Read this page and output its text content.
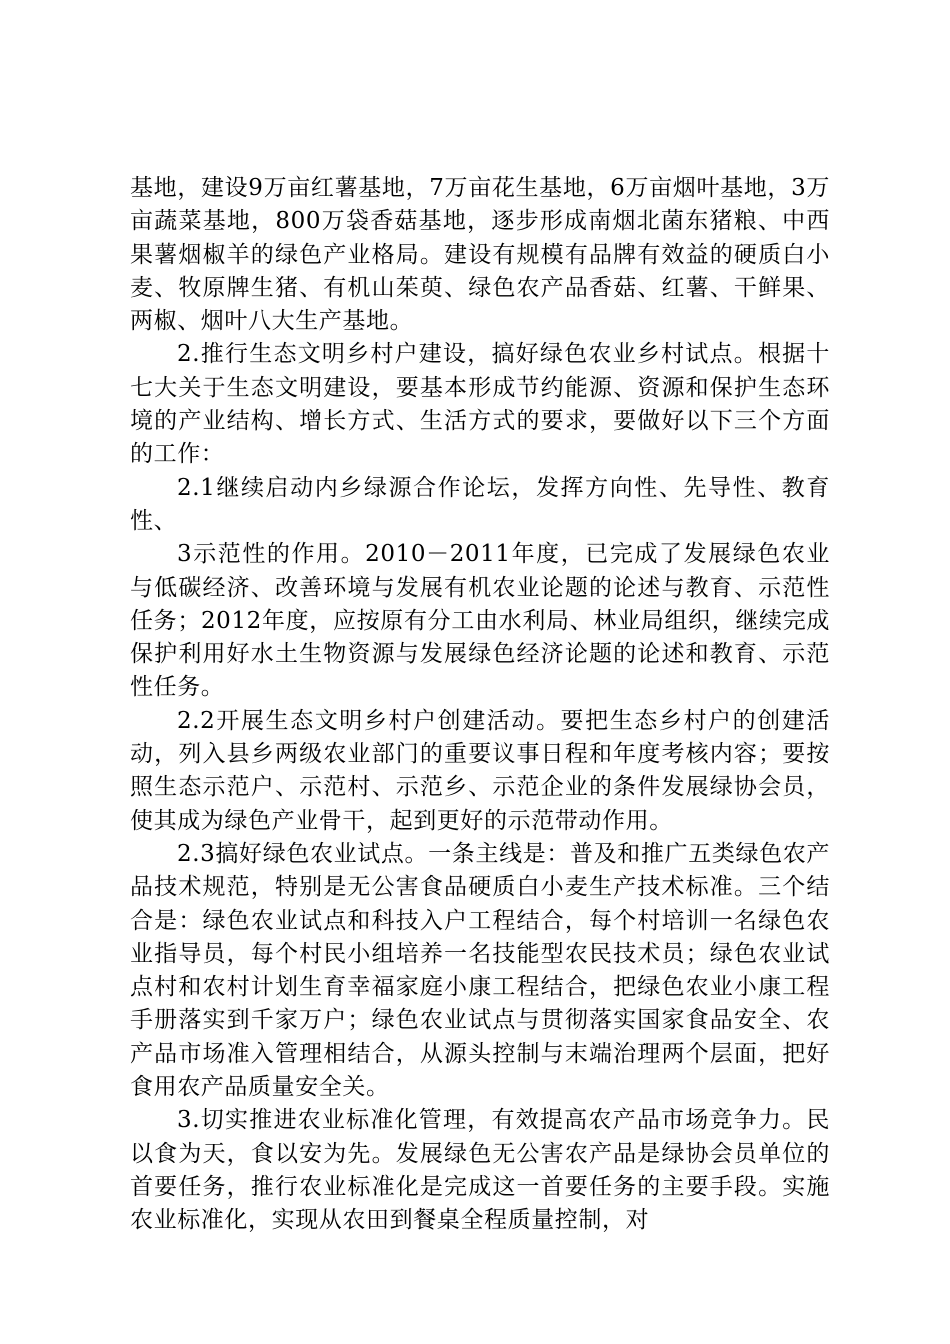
基地，建设9万亩红薯基地，7万亩花生基地，6万亩烟叶基地，3万亩蔬菜基地，800万袋香菇基地，逐步形成南烟北菌东猪粮、中西果薯烟椒羊的绿色产业格局。建设有规模有品牌有效益的硬质白小麦、牧原牌生猪、有机山茱萸、绿色农产品香菇、红薯、干鲜果、两椒、烟叶八大生产基地。

2.推行生态文明乡村户建设，搞好绿色农业乡村试点。根据十七大关于生态文明建设，要基本形成节约能源、资源和保护生态环境的产业结构、增长方式、生活方式的要求，要做好以下三个方面的工作：

2.1继续启动内乡绿源合作论坛，发挥方向性、先导性、教育性、

3示范性的作用。2010－2011年度，已完成了发展绿色农业与低碳经济、改善环境与发展有机农业论题的论述与教育、示范性任务；2012年度，应按原有分工由水利局、林业局组织，继续完成保护利用好水土生物资源与发展绿色经济论题的论述和教育、示范性任务。

2.2开展生态文明乡村户创建活动。要把生态乡村户的创建活动，列入县乡两级农业部门的重要议事日程和年度考核内容；要按照生态示范户、示范村、示范乡、示范企业的条件发展绿协会员，使其成为绿色产业骨干，起到更好的示范带动作用。

2.3搞好绿色农业试点。一条主线是：普及和推广五类绿色农产品技术规范，特别是无公害食品硬质白小麦生产技术标准。三个结合是：绿色农业试点和科技入户工程结合，每个村培训一名绿色农业指导员，每个村民小组培养一名技能型农民技术员；绿色农业试点村和农村计划生育幸福家庭小康工程结合，把绿色农业小康工程手册落实到千家万户；绿色农业试点与贯彻落实国家食品安全、农产品市场准入管理相结合，从源头控制与末端治理两个层面，把好食用农产品质量安全关。

3.切实推进农业标准化管理，有效提高农产品市场竞争力。民以食为天，食以安为先。发展绿色无公害农产品是绿协会员单位的首要任务，推行农业标准化是完成这一首要任务的主要手段。实施农业标准化，实现从农田到餐桌全程质量控制，对
